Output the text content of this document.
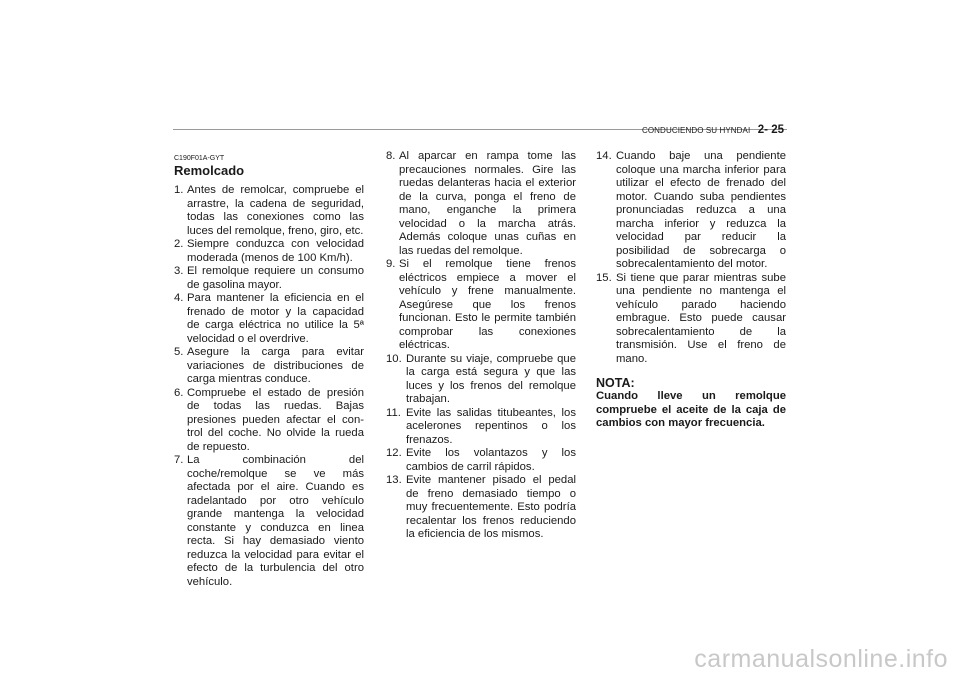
CONDUCIENDO SU HYNDAI 2- 25
C190F01A-GYT
Remolcado
1. Antes de remolcar, compruebe el arrastre, la cadena de seguridad, todas las conexiones como las luces del remolque, freno, giro, etc.
2. Siempre conduzca con velocidad moderada (menos de 100 Km/h).
3. El remolque requiere un consumo de gasolina mayor.
4. Para mantener la eficiencia en el frenado de motor y la capacidad de carga eléctrica no utilice la 5ª velocidad o el overdrive.
5. Asegure la carga para evitar variaciones de distribuciones de carga mientras conduce.
6. Compruebe el estado de presión de todas las ruedas. Bajas presiones pueden afectar el con- trol del coche. No olvide la rueda de repuesto.
7. La combinación del coche/remolque se ve más afectada por el aire. Cuando es radelantado por otro vehículo grande mantenga la velocidad constante y conduzca en linea recta. Si hay demasiado viento reduzca la velocidad para evitar el efecto de la turbulencia del otro vehículo.
8. Al aparcar en rampa tome las precauciones normales. Gire las ruedas delanteras hacia el exterior de la curva, ponga el freno de mano, enganche la primera velocidad o la marcha atrás. Además coloque unas cuñas en las ruedas del remolque.
9. Si el remolque tiene frenos eléctricos empiece a mover el vehículo y frene manualmente. Asegúrese que los frenos funcionan. Esto le permite también comprobar las conexiones eléctricas.
10. Durante su viaje, compruebe que la carga está segura y que las luces y los frenos del remolque trabajan.
11. Evite las salidas titubeantes, los acelerones repentinos o los frenazos.
12. Evite los volantazos y los cambios de carril rápidos.
13. Evite mantener pisado el pedal de freno demasiado tiempo o muy frecuentemente. Esto podría recalentar los frenos reduciendo la eficiencia de los mismos.
14. Cuando baje una pendiente coloque una marcha inferior para utilizar el efecto de frenado del motor. Cuando suba pendientes pronunciadas reduzca a una marcha inferior y reduzca la velocidad par reducir la posibilidad de sobrecarga o sobrecalentamiento del motor.
15. Si tiene que parar mientras sube una pendiente no mantenga el vehículo parado haciendo embrague. Esto puede causar sobrecalentamiento de la transmisión. Use el freno de mano.
NOTA:
Cuando lleve un remolque compruebe el aceite de la caja de cambios con mayor frecuencia.
carmanualsonline.info
